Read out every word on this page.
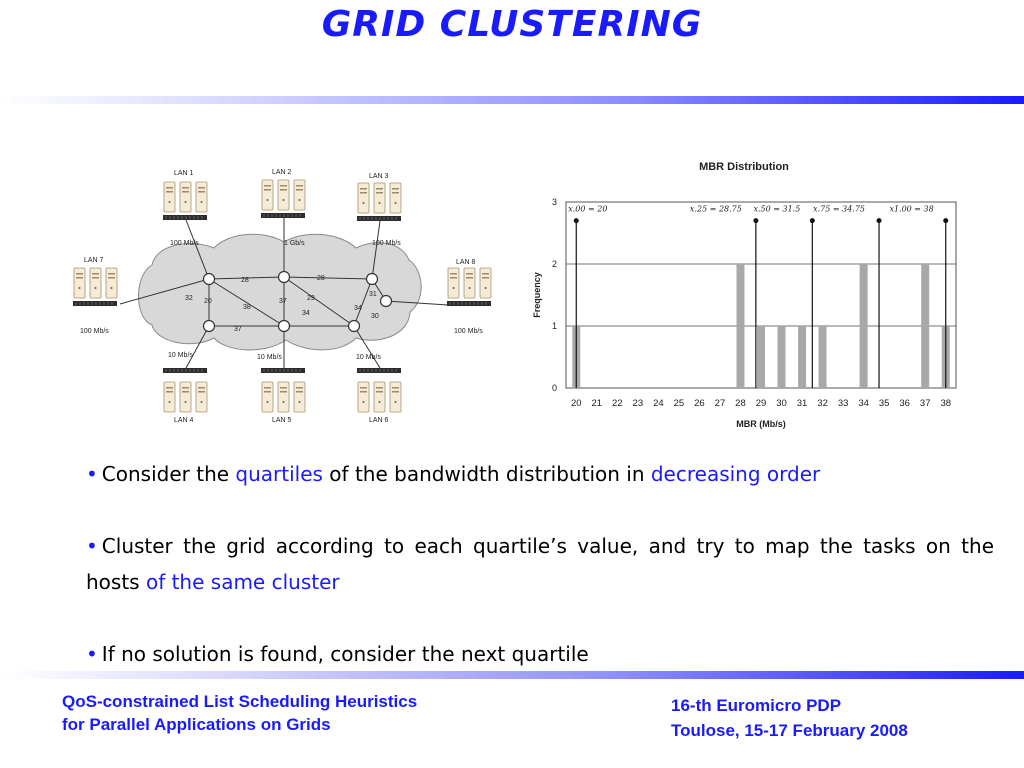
GRID CLUSTERING
LAN 1	LAN 2
LAN 3
LAN 7	LAN 8
LAN 4	LAN 5	LAN 6
100 Mb/s	1 Gb/s	100 Mb/s
100 Mb/s	100 Mb/s
10 Mb/s	10 Mb/s	10 Mb/s
32 20
28
38
37
37
28
29
34
31
34
30
MBR Distribution
x.00 = 20	x.25 = 28.75 x.50 = 31.5 x.75 = 34.75	x1.00 = 38
20 21 22 23 24 25 26 27 28 29 30 31 32 33 34 35 36 37 38
0
1
2
3
MBR (Mb/s)
Frequency

• Consider the quartiles of the bandwidth distribution in decreasing order

• Cluster the grid according to each quartile’s value, and try to map the tasks on the hosts of the same cluster

• If no solution is found, consider the next quartile

QoS-constrained List Scheduling Heuristics
for Parallel Applications on Grids
16-th Euromicro PDP
Toulose, 15-17 February 2008
